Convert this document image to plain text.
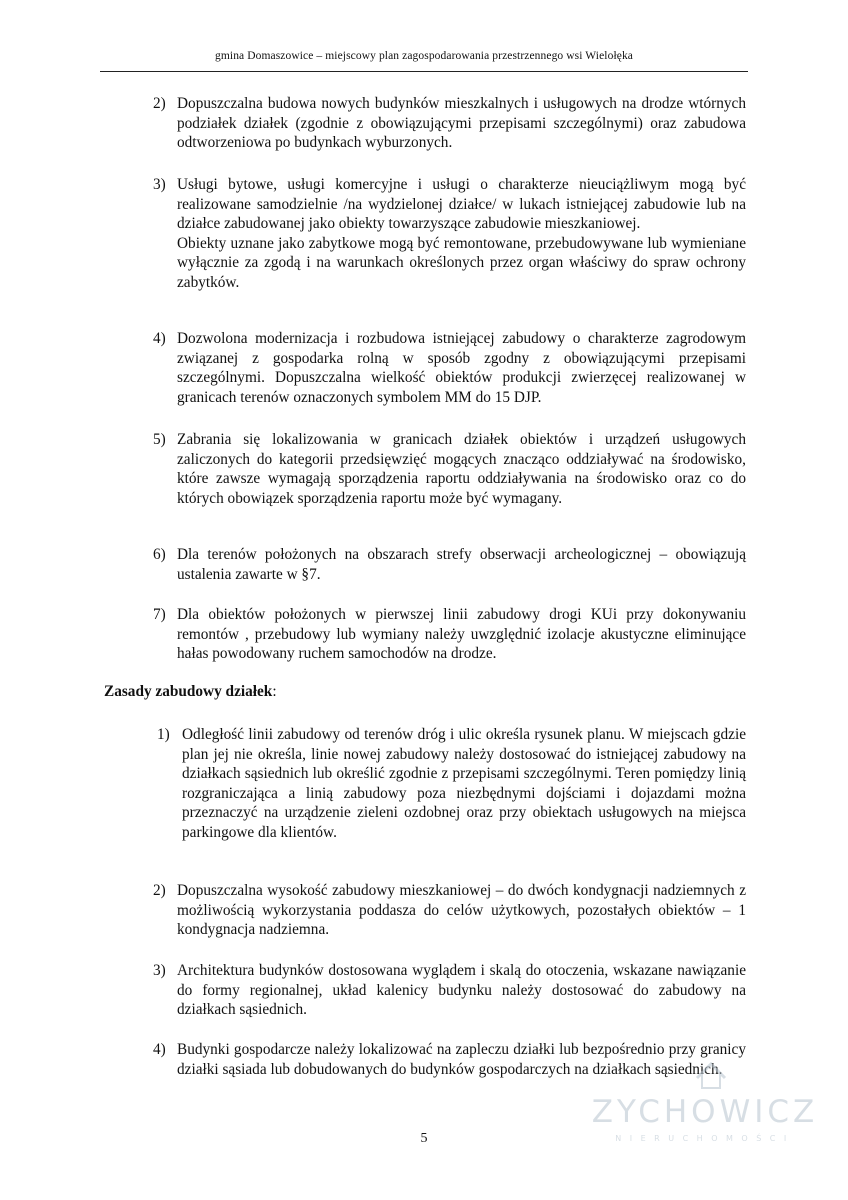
gmina Domaszowice – miejscowy plan zagospodarowania przestrzennego wsi Wielołęka
2) Dopuszczalna budowa nowych budynków mieszkalnych i usługowych na drodze wtórnych podziałek działek (zgodnie z obowiązującymi przepisami szczególnymi) oraz zabudowa odtworzeniowa po budynkach wyburzonych.

3) Usługi bytowe, usługi komercyjne i usługi o charakterze nieuciążliwym mogą być realizowane samodzielnie /na wydzielonej działce/ w lukach istniejącej zabudowie lub na działce zabudowanej jako obiekty towarzyszące zabudowie mieszkaniowej.

Obiekty uznane jako zabytkowe mogą być remontowane, przebudowywane lub wymieniane wyłącznie za zgodą i na warunkach określonych przez organ właściwy do spraw ochrony zabytków.

4) Dozwolona modernizacja i rozbudowa istniejącej zabudowy o charakterze zagrodowym związanej z gospodarka rolną w sposób zgodny z obowiązującymi przepisami szczególnymi. Dopuszczalna wielkość obiektów produkcji zwierzęcej realizowanej w granicach terenów oznaczonych symbolem MM do 15 DJP.

5) Zabrania się lokalizowania w granicach działek obiektów i urządzeń usługowych zaliczonych do kategorii przedsięwzięć mogących znacząco oddziaływać na środowisko, które zawsze wymagają sporządzenia raportu oddziaływania na środowisko oraz co do których obowiązek sporządzenia raportu może być wymagany.

6) Dla terenów położonych na obszarach strefy obserwacji archeologicznej – obowiązują ustalenia zawarte w §7.

7) Dla obiektów położonych w pierwszej linii zabudowy drogi KUi przy dokonywaniu remontów , przebudowy lub wymiany należy uwzględnić izolacje akustyczne eliminujące hałas powodowany ruchem samochodów na drodze.

Zasady zabudowy działek:
1) Odległość linii zabudowy od terenów dróg i ulic określa rysunek planu. W miejscach gdzie plan jej nie określa, linie nowej zabudowy należy dostosować do istniejącej zabudowy na działkach sąsiednich lub określić zgodnie z przepisami szczególnymi. Teren pomiędzy linią rozgraniczająca a linią zabudowy poza niezbędnymi dojściami i dojazdami można przeznaczyć na urządzenie zieleni ozdobnej oraz przy obiektach usługowych na miejsca parkingowe dla klientów.

2) Dopuszczalna wysokość zabudowy mieszkaniowej – do dwóch kondygnacji nadziemnych z możliwością wykorzystania poddasza do celów użytkowych, pozostałych obiektów – 1 kondygnacja nadziemna.

3) Architektura budynków dostosowana wyglądem i skalą do otoczenia, wskazane nawiązanie do formy regionalnej, układ kalenicy budynku należy dostosować do zabudowy na działkach sąsiednich.

4) Budynki gospodarcze należy lokalizować na zapleczu działki lub bezpośrednio przy granicy działki sąsiada lub dobudowanych do budynków gospodarczych na działkach sąsiednich.

5
ZYCHOWICZ
NIERUCHOMOŚCI
